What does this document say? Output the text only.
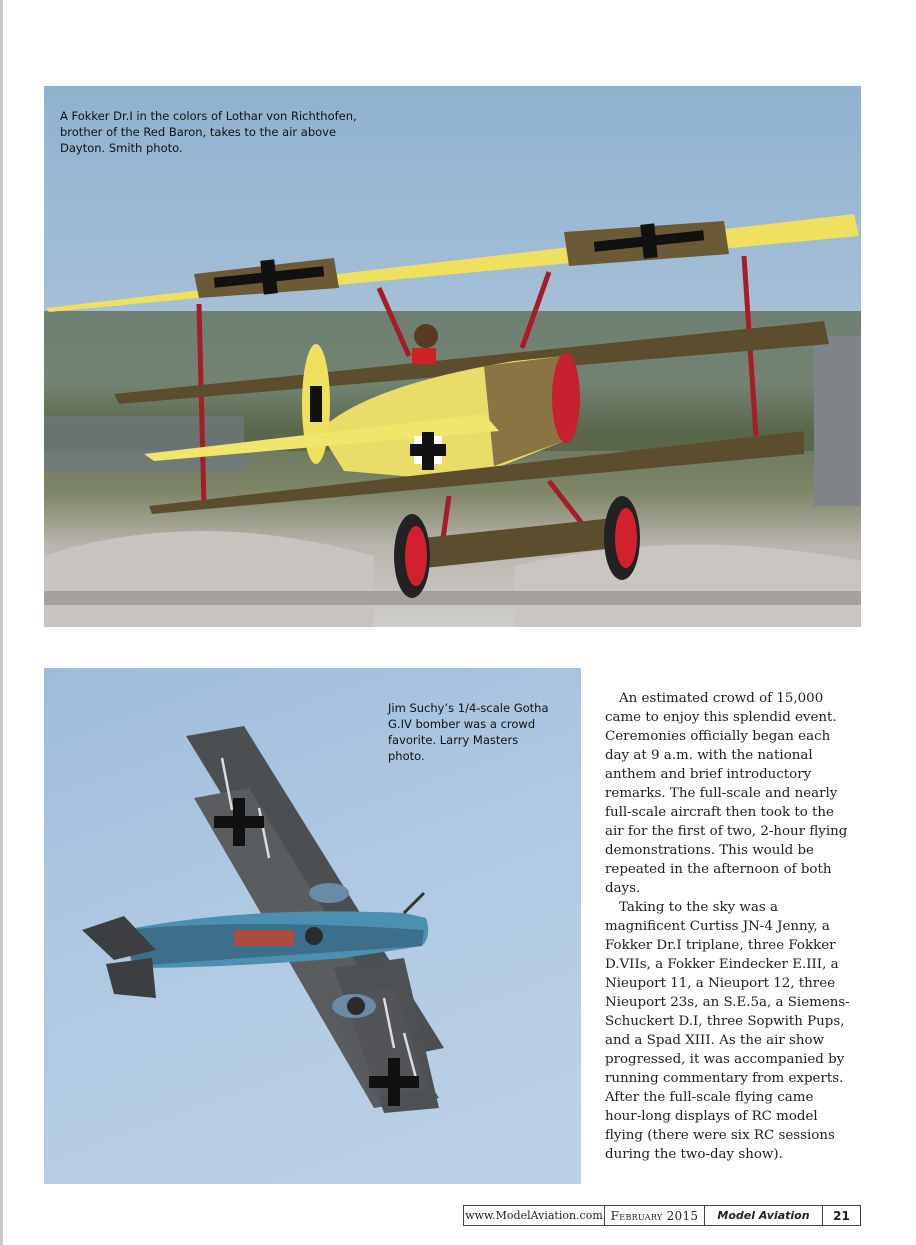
A Fokker Dr.I in the colors of Lothar von Richthofen, brother of the Red Baron, takes to the air above Dayton. Smith photo.
Jim Suchy’s 1/4-scale Gotha G.IV bomber was a crowd favorite. Larry Masters photo.

An estimated crowd of 15,000 came to enjoy this splendid event. Ceremonies officially began each day at 9 a.m. with the national anthem and brief introductory remarks. The full-scale and nearly full-scale aircraft then took to the air for the first of two, 2-hour flying demonstrations. This would be repeated in the afternoon of both days.

Taking to the sky was a magnificent Curtiss JN-4 Jenny, a Fokker Dr.I triplane, three Fokker D.VIIs, a Fokker Eindecker E.III, a Nieuport 11, a Nieuport 12, three Nieuport 23s, an S.E.5a, a Siemens-Schuckert D.I, three Sopwith Pups, and a Spad XIII. As the air show progressed, it was accompanied by running commentary from experts. After the full-scale flying came hour-long displays of RC model flying (there were six RC sessions during the two-day show).

www.ModelAviation.com February 2015	Model Aviation	21
